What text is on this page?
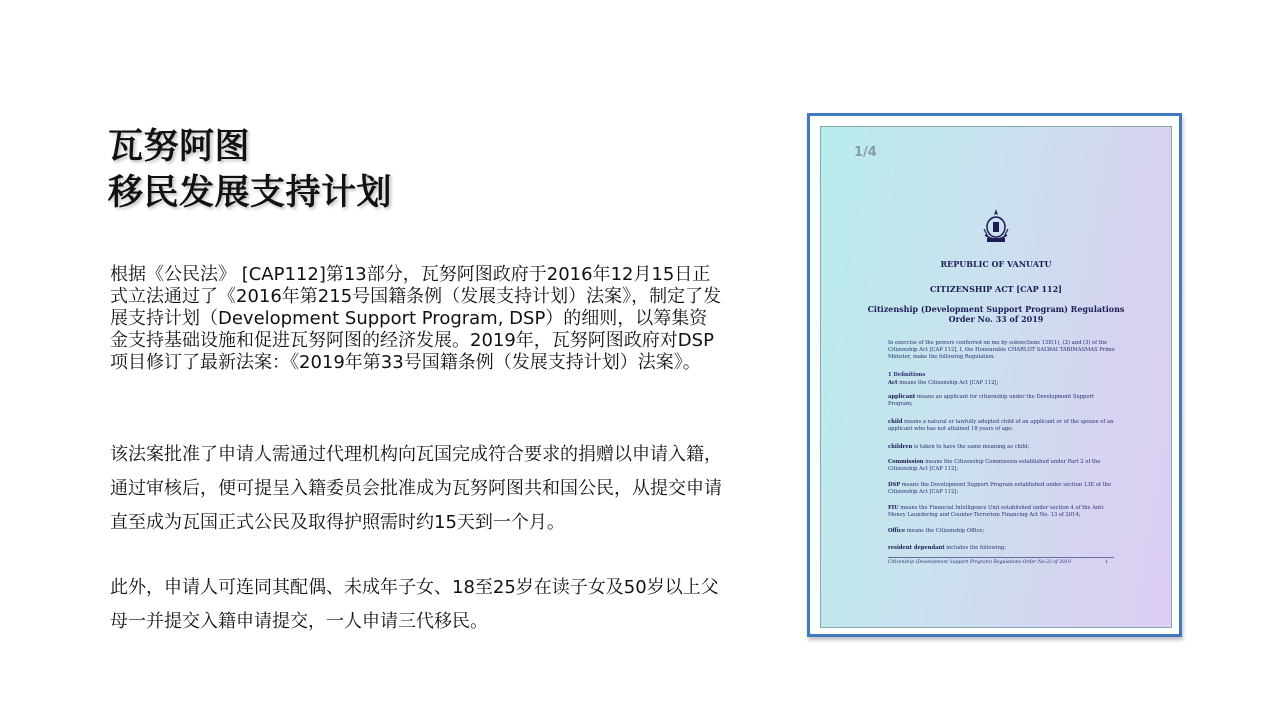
瓦努阿图
移民发展支持计划
根据《公民法》 [CAP112]第13部分，瓦努阿图政府于2016年12月15日正式立法通过了《2016年第215号国籍条例（发展支持计划）法案》，制定了发展支持计划（Development Support Program, DSP）的细则，以筹集资金支持基础设施和促进瓦努阿图的经济发展。2019年，瓦努阿图政府对DSP项目修订了最新法案：《2019年第33号国籍条例（发展支持计划）法案》。
该法案批准了申请人需通过代理机构向瓦国完成符合要求的捐赠以申请入籍，通过审核后，便可提呈入籍委员会批准成为瓦努阿图共和国公民，从提交申请直至成为瓦国正式公民及取得护照需时约15天到一个月。
此外，申请人可连同其配偶、未成年子女、18至25岁在读子女及50岁以上父母一并提交入籍申请提交，一人申请三代移民。
1/4
REPUBLIC OF VANUATU
CITIZENSHIP ACT [CAP 112]
Citizenship (Development Support Program) Regulations
Order No. 33 of 2019
In exercise of the powers conferred on me by subsections 13E(1), (2) and (3) of the Citizenship Act [CAP 112], I, the Honourable CHARLOT SALWAI TABIMASMAS Prime Minister, make the following Regulation.
1 Definitions
Act means the Citizenship Act [CAP 112];
applicant means an applicant for citizenship under the Development Support Program;
child means a natural or lawfully adopted child of an applicant or of the spouse of an applicant who has not attained 18 years of age;
children is taken to have the same meaning as child;
Commission means the Citizenship Commission established under Part 2 of the Citizenship Act [CAP 112];
DSP means the Development Support Program established under section 13E of the Citizenship Act [CAP 112];
FIU means the Financial Intelligence Unit established under section 4 of the Anti-Money Laundering and Counter-Terrorism Financing Act No. 13 of 2014;
Office means the Citizenship Office;
resident dependant includes the following:
Citizenship (Development Support Program) Regulations Order No.33 of 2019	1
